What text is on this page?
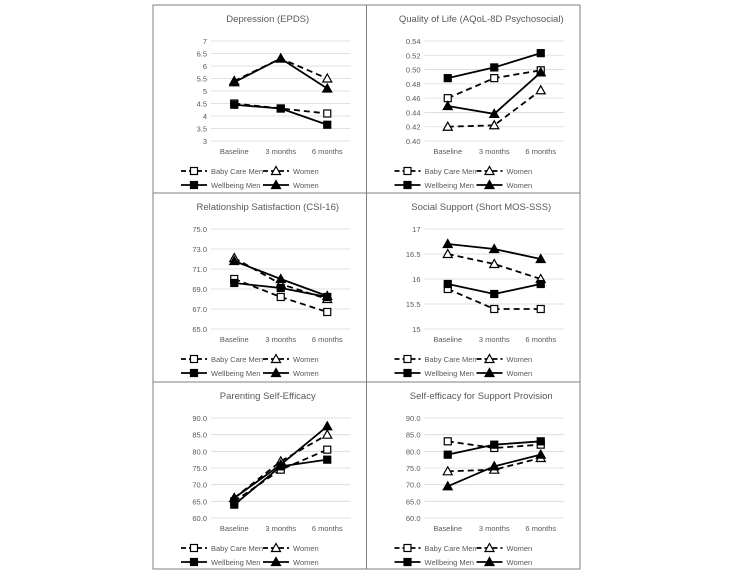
Depression (EPDS)
7
6.5
6
5.5
5
4.5
4
3.5
3
Baseline 3 months 6 months
Baby Care Men	Women
Wellbeing Men	Women
Quality of Life (AQoL-8D Psychosocial)
0.54
0.52
0.50
0.48
0.46
0.44
0.42
0.40
Baseline 3 months 6 months
Baby Care Men	Women
Wellbeing Men	Women
Relationship Satisfaction (CSI-16)
75.0
73.0
71.0
69.0
67.0
65.0
Baseline 3 months 6 months
Baby Care Men	Women
Wellbeing Men	Women
Social Support (Short MOS-SSS)
17
16.5
16
15.5
15
Baseline 3 months 6 months
Baby Care Men	Women
Wellbeing Men	Women
Parenting Self-Efficacy
90.0
85.0
80.0
75.0
70.0
65.0
60.0
Baseline 3 months 6 months
Baby Care Men	Women
Wellbeing Men	Women
Self-efficacy for Support Provision
90.0
85.0
80.0
75.0
70.0
65.0
60.0
Baseline 3 months 6 months
Baby Care Men	Women
Wellbeing Men	Women
